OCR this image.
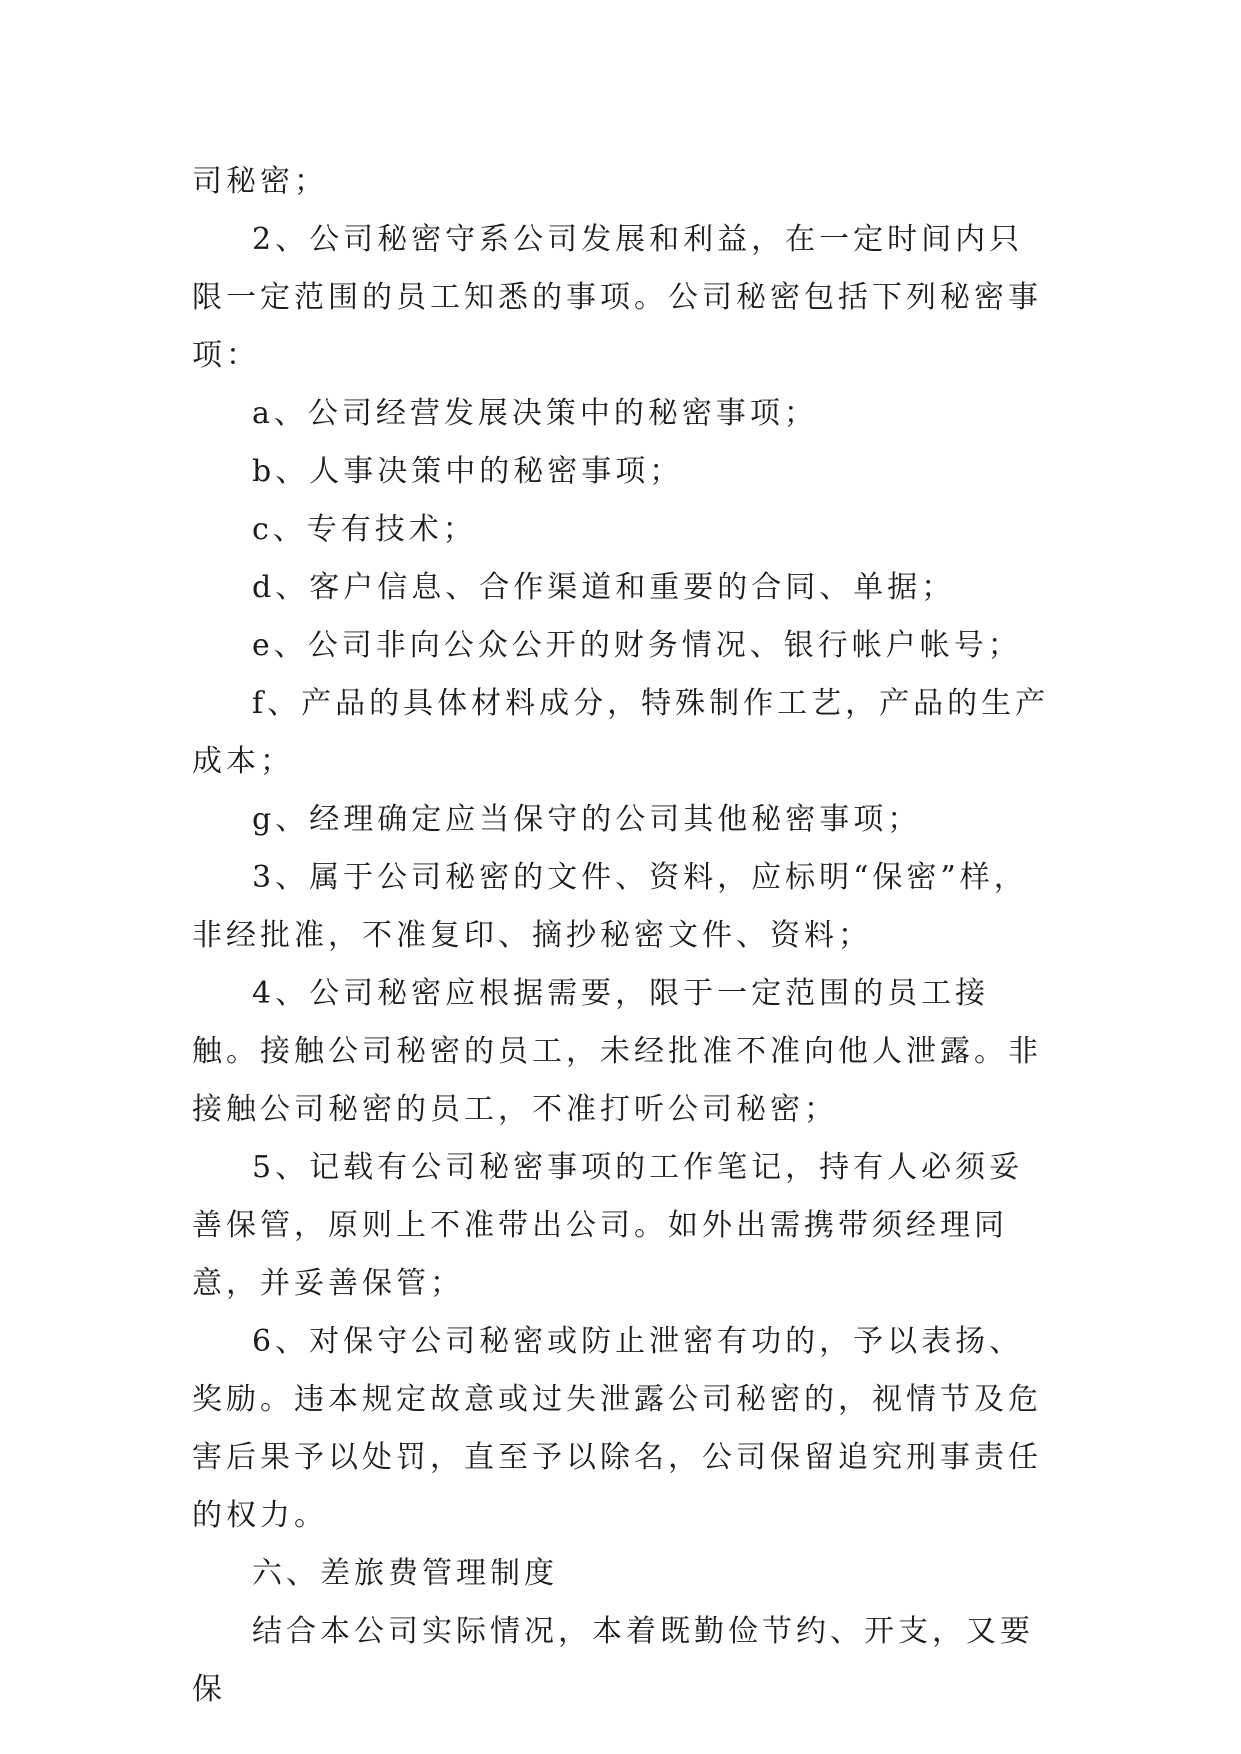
司秘密；

2、公司秘密守系公司发展和利益，在一定时间内只限一定范围的员工知悉的事项。公司秘密包括下列秘密事项：

a、公司经营发展决策中的秘密事项；

b、人事决策中的秘密事项；

c、专有技术；

d、客户信息、合作渠道和重要的合同、单据；

e、公司非向公众公开的财务情况、银行帐户帐号；

f、产品的具体材料成分，特殊制作工艺，产品的生产成本；

g、经理确定应当保守的公司其他秘密事项；

3、属于公司秘密的文件、资料，应标明“保密”样，非经批准，不准复印、摘抄秘密文件、资料；

4、公司秘密应根据需要，限于一定范围的员工接触。接触公司秘密的员工，未经批准不准向他人泄露。非接触公司秘密的员工，不准打听公司秘密；

5、记载有公司秘密事项的工作笔记，持有人必须妥善保管，原则上不准带出公司。如外出需携带须经理同意，并妥善保管；

6、对保守公司秘密或防止泄密有功的，予以表扬、奖励。违本规定故意或过失泄露公司秘密的，视情节及危害后果予以处罚，直至予以除名，公司保留追究刑事责任的权力。

六、差旅费管理制度

结合本公司实际情况，本着既勤俭节约、开支，又要保
